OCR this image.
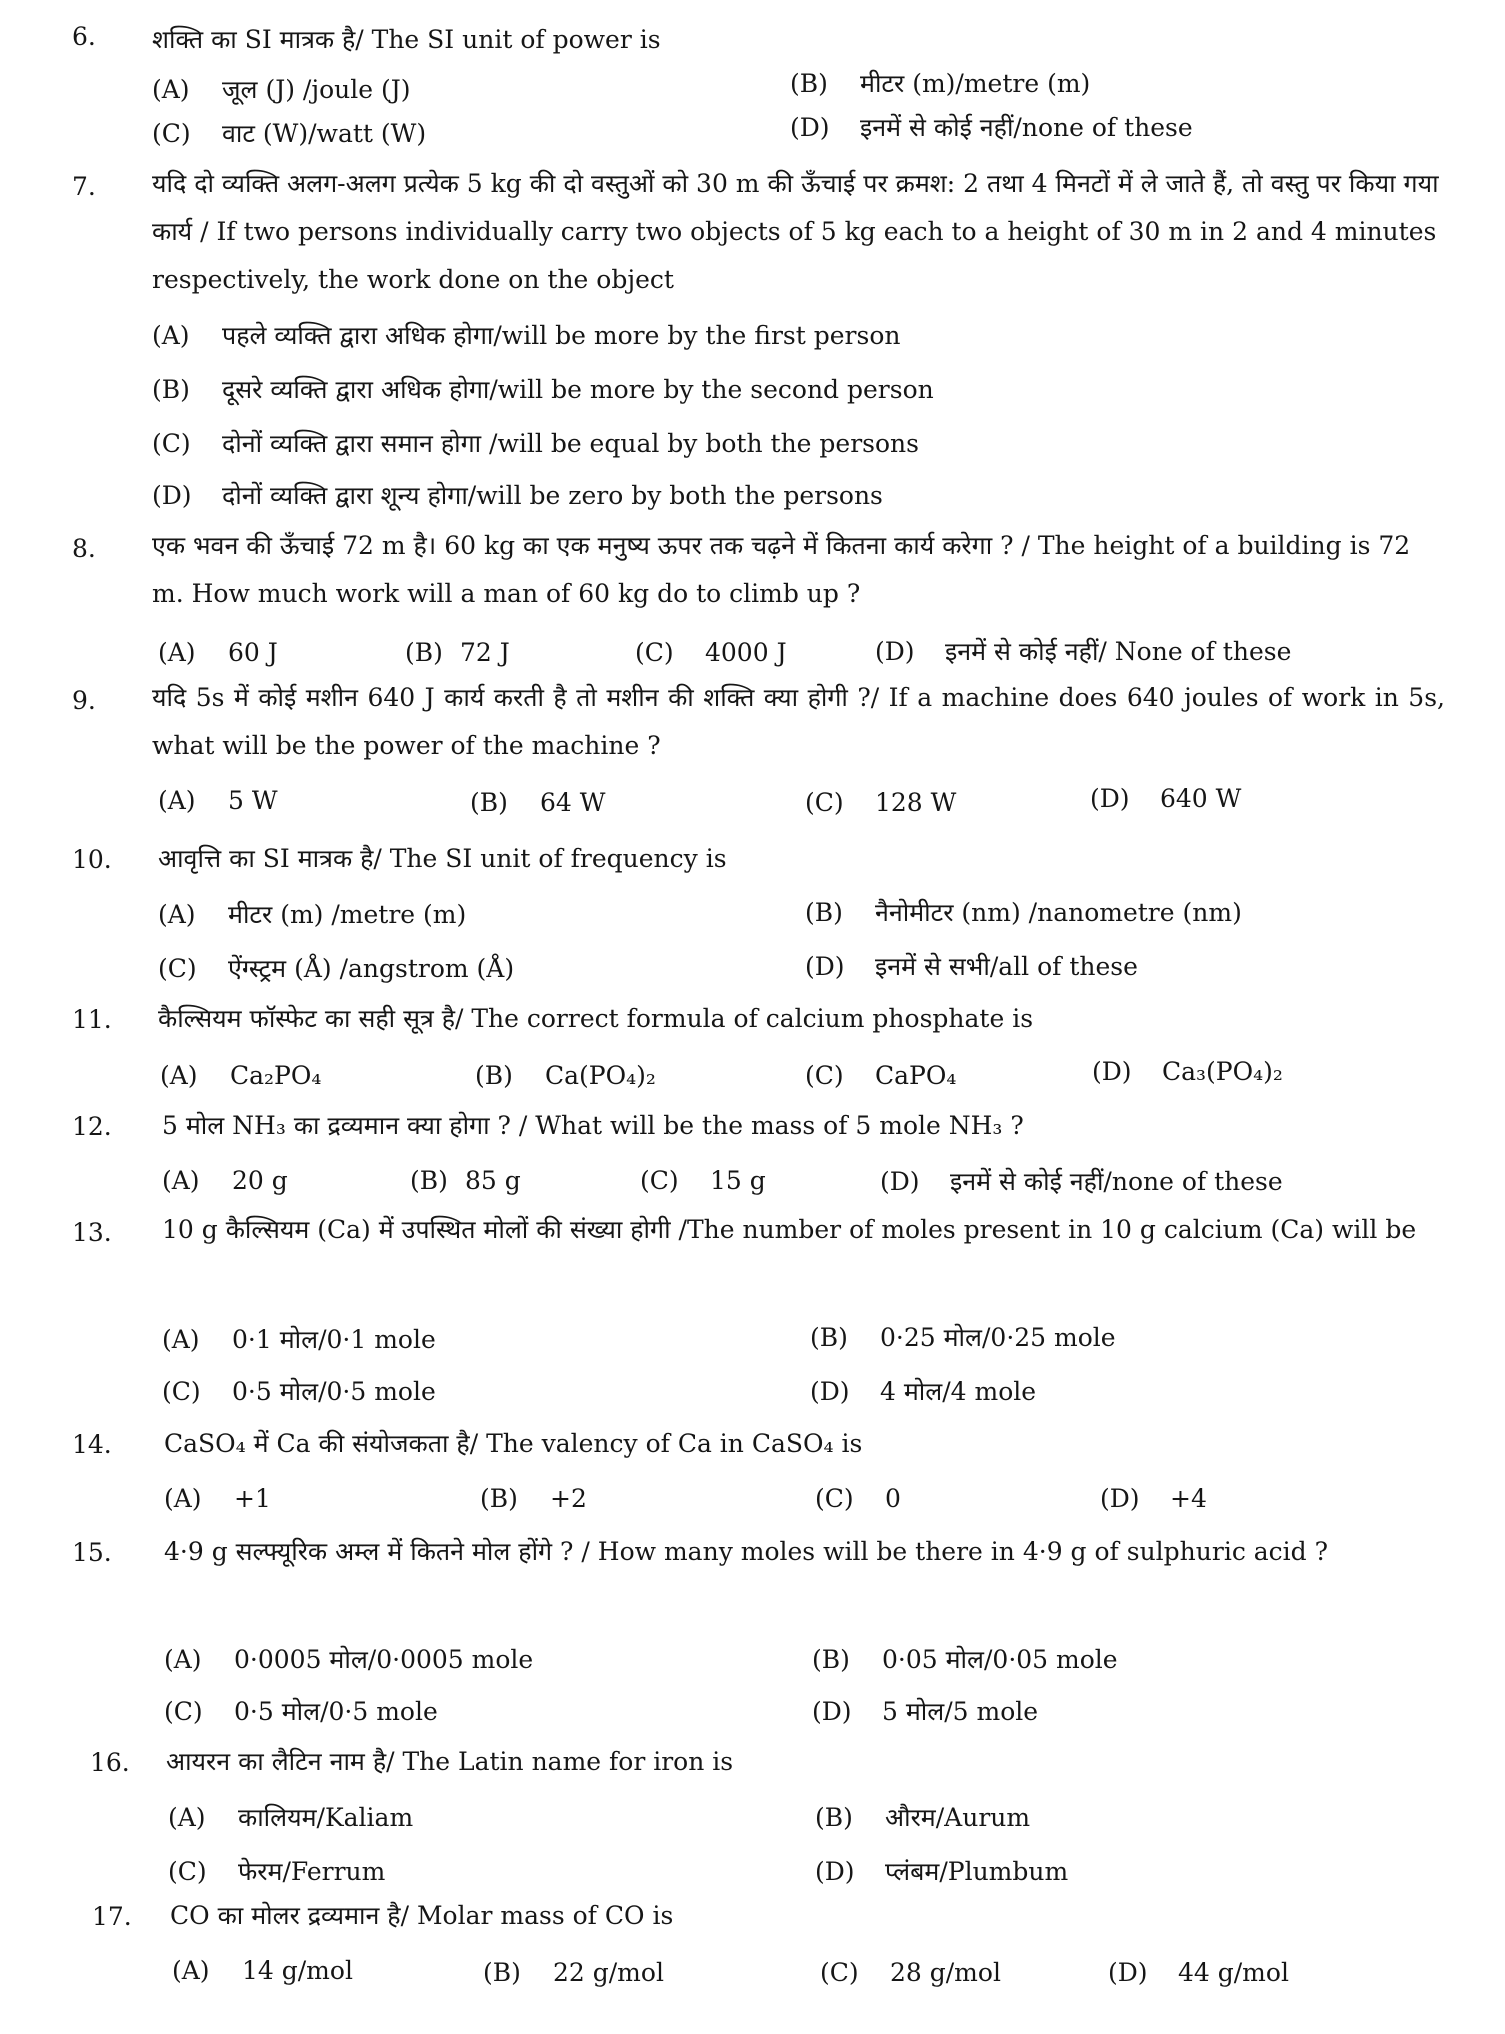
6. शक्ति का SI मात्रक है/ The SI unit of power is
(A) जूल (J) /joule (J)	(B) मीटर (m)/metre (m)
(C) वाट (W)/watt (W)	(D) इनमें से कोई नहीं/none of these
7. यदि दो व्यक्ति अलग-अलग प्रत्येक 5 kg की दो वस्तुओं को 30 m की ऊँचाई पर क्रमश: 2 तथा 4 मिनटों में ले जाते हैं, तो वस्तु पर किया गया कार्य / If two persons individually carry two objects of 5 kg each to a height of 30 m in 2 and 4 minutes respectively, the work done on the object
(A) पहले व्यक्ति द्वारा अधिक होगा/will be more by the first person
(B) दूसरे व्यक्ति द्वारा अधिक होगा/will be more by the second person
(C) दोनों व्यक्ति द्वारा समान होगा /will be equal by both the persons
(D) दोनों व्यक्ति द्वारा शून्य होगा/will be zero by both the persons
8. एक भवन की ऊँचाई 72 m है। 60 kg का एक मनुष्य ऊपर तक चढ़ने में कितना कार्य करेगा ? / The height of a building is 72 m. How much work will a man of 60 kg do to climb up ?
(A) 60 J	(B) 72 J	(C) 4000 J	(D) इनमें से कोई नहीं/ None of these
9. यदि 5s में कोई मशीन 640 J कार्य करती है तो मशीन की शक्ति क्या होगी ?/ If a machine does 640 joules of work in 5s, what will be the power of the machine ?
(A) 5 W	(B) 64 W	(C) 128 W	(D) 640 W
10. आवृत्ति का SI मात्रक है/ The SI unit of frequency is
(A) मीटर (m) /metre (m)	(B) नैनोमीटर (nm) /nanometre (nm)
(C) ऐंग्स्ट्रम (Å) /angstrom (Å)	(D) इनमें से सभी/all of these
11. कैल्सियम फॉस्फेट का सही सूत्र है/ The correct formula of calcium phosphate is
(A) Ca₂PO₄	(B) Ca(PO₄)₂	(C) CaPO₄	(D) Ca₃(PO₄)₂
12. 5 मोल NH₃ का द्रव्यमान क्या होगा ? / What will be the mass of 5 mole NH₃ ?
(A) 20 g	(B) 85 g	(C) 15 g	(D) इनमें से कोई नहीं/none of these
13. 10 g कैल्सियम (Ca) में उपस्थित मोलों की संख्या होगी /The number of moles present in 10 g calcium (Ca) will be
(A) 0·1 मोल/0·1 mole	(B) 0·25 मोल/0·25 mole
(C) 0·5 मोल/0·5 mole	(D) 4 मोल/4 mole
14. CaSO₄ में Ca की संयोजकता है/ The valency of Ca in CaSO₄ is
(A) +1	(B) +2	(C) 0	(D) +4
15. 4·9 g सल्फ्यूरिक अम्ल में कितने मोल होंगे ? / How many moles will be there in 4·9 g of sulphuric acid ?
(A) 0·0005 मोल/0·0005 mole	(B) 0·05 मोल/0·05 mole
(C) 0·5 मोल/0·5 mole	(D) 5 मोल/5 mole
16. आयरन का लैटिन नाम है/ The Latin name for iron is
(A) कालियम/Kaliam	(B) औरम/Aurum
(C) फेरम/Ferrum	(D) प्लंबम/Plumbum
17. CO का मोलर द्रव्यमान है/ Molar mass of CO is
(A) 14 g/mol	(B) 22 g/mol	(C) 28 g/mol	(D) 44 g/mol
